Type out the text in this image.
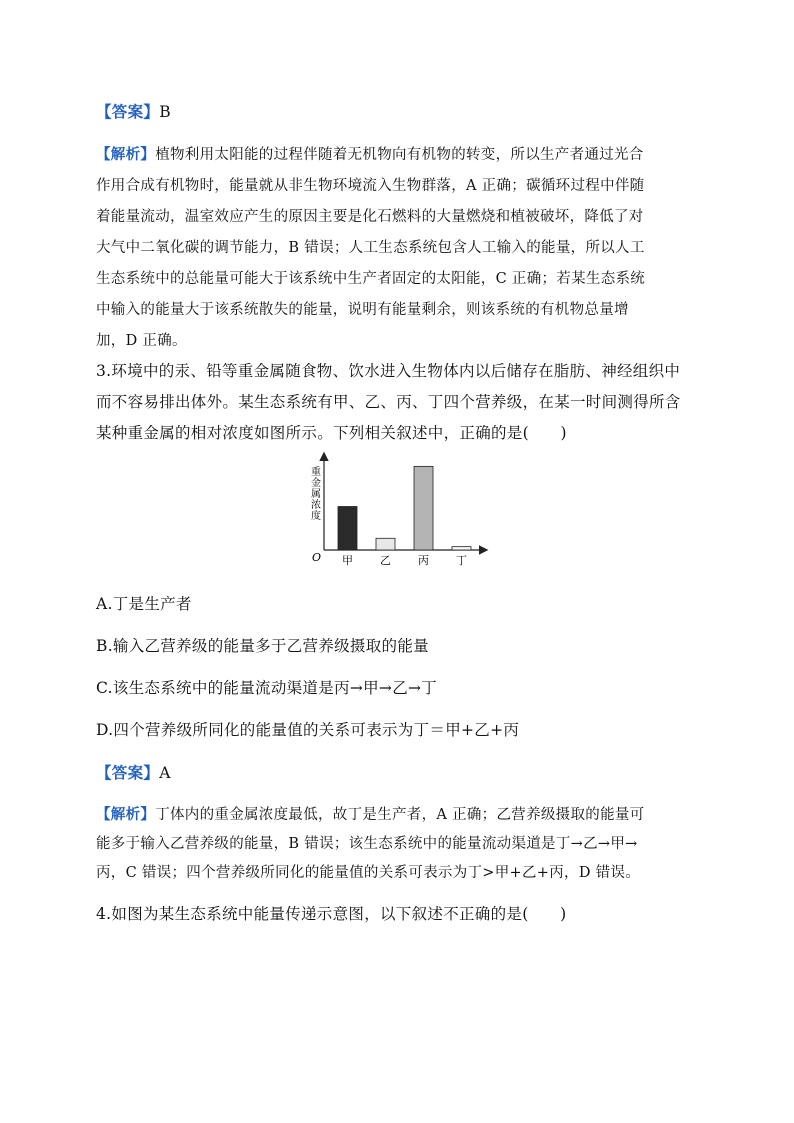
【答案】B
【解析】植物利用太阳能的过程伴随着无机物向有机物的转变，所以生产者通过光合
作用合成有机物时，能量就从非生物环境流入生物群落，A 正确；碳循环过程中伴随
着能量流动，温室效应产生的原因主要是化石燃料的大量燃烧和植被破坏，降低了对
大气中二氧化碳的调节能力，B 错误；人工生态系统包含人工输入的能量，所以人工
生态系统中的总能量可能大于该系统中生产者固定的太阳能，C 正确；若某生态系统
中输入的能量大于该系统散失的能量，说明有能量剩余，则该系统的有机物总量增
加，D 正确。
3.环境中的汞、铅等重金属随食物、饮水进入生物体内以后储存在脂肪、神经组织中
而不容易排出体外。某生态系统有甲、乙、丙、丁四个营养级，在某一时间测得所含
某种重金属的相对浓度如图所示。下列相关叙述中，正确的是(　　)
O
重金属浓度
甲 乙 丙 丁
A.丁是生产者
B.输入乙营养级的能量多于乙营养级摄取的能量
C.该生态系统中的能量流动渠道是丙→甲→乙→丁
D.四个营养级所同化的能量值的关系可表示为丁＝甲+乙+丙
【答案】A
【解析】丁体内的重金属浓度最低，故丁是生产者，A 正确；乙营养级摄取的能量可
能多于输入乙营养级的能量，B 错误；该生态系统中的能量流动渠道是丁→乙→甲→
丙，C 错误；四个营养级所同化的能量值的关系可表示为丁>甲+乙+丙，D 错误。
4.如图为某生态系统中能量传递示意图，以下叙述不正确的是(　　)
